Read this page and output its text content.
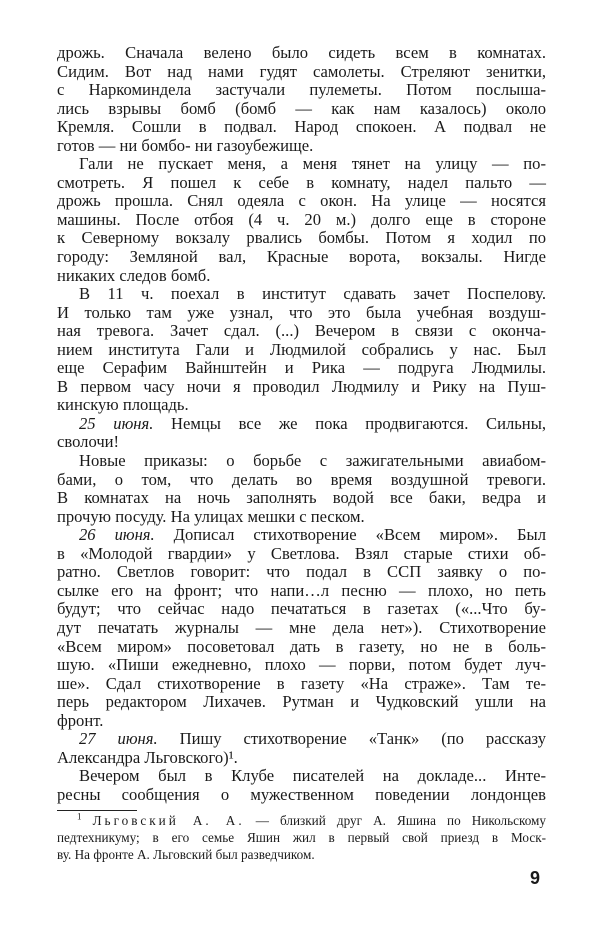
дрожь. Сначала велено было сидеть всем в комнатах.
Сидим. Вот над нами гудят самолеты. Стреляют зенитки,
с Наркоминдела застучали пулеметы. Потом послыша-
лись взрывы бомб (бомб — как нам казалось) около
Кремля. Сошли в подвал. Народ спокоен. А подвал не
готов — ни бомбо- ни газоубежище.
Гали не пускает меня, а меня тянет на улицу — по-
смотреть. Я пошел к себе в комнату, надел пальто —
дрожь прошла. Снял одеяла с окон. На улице — носятся
машины. После отбоя (4 ч. 20 м.) долго еще в стороне
к Северному вокзалу рвались бомбы. Потом я ходил по
городу: Земляной вал, Красные ворота, вокзалы. Нигде
никаких следов бомб.
В 11 ч. поехал в институт сдавать зачет Поспелову.
И только там уже узнал, что это была учебная воздуш-
ная тревога. Зачет сдал. (...) Вечером в связи с оконча-
нием института Гали и Людмилой собрались у нас. Был
еще Серафим Вайнштейн и Рика — подруга Людмилы.
В первом часу ночи я проводил Людмилу и Рику на Пуш-
кинскую площадь.
25 июня. Немцы все же пока продвигаются. Сильны,
сволочи!
Новые приказы: о борьбе с зажигательными авиабом-
бами, о том, что делать во время воздушной тревоги.
В комнатах на ночь заполнять водой все баки, ведра и
прочую посуду. На улицах мешки с песком.
26 июня. Дописал стихотворение «Всем миром». Был
в «Молодой гвардии» у Светлова. Взял старые стихи об-
ратно. Светлов говорит: что подал в ССП заявку о по-
сылке его на фронт; что напи…л песню — плохо, но петь
будут; что сейчас надо печататься в газетах («...Что бу-
дут печатать журналы — мне дела нет»). Стихотворение
«Всем миром» посоветовал дать в газету, но не в боль-
шую. «Пиши ежедневно, плохо — порви, потом будет луч-
ше». Сдал стихотворение в газету «На страже». Там те-
перь редактором Лихачев. Рутман и Чудковский ушли на
фронт.
27 июня. Пишу стихотворение «Танк» (по рассказу
Александра Льговского)¹.
Вечером был в Клубе писателей на докладе... Инте-
ресны сообщения о мужественном поведении лондонцев
$^1$ Льговский А. А. — близкий друг А. Яшина по Никольскому
педтехникуму; в его семье Яшин жил в первый свой приезд в Моск-
ву. На фронте А. Льговский был разведчиком.
9
